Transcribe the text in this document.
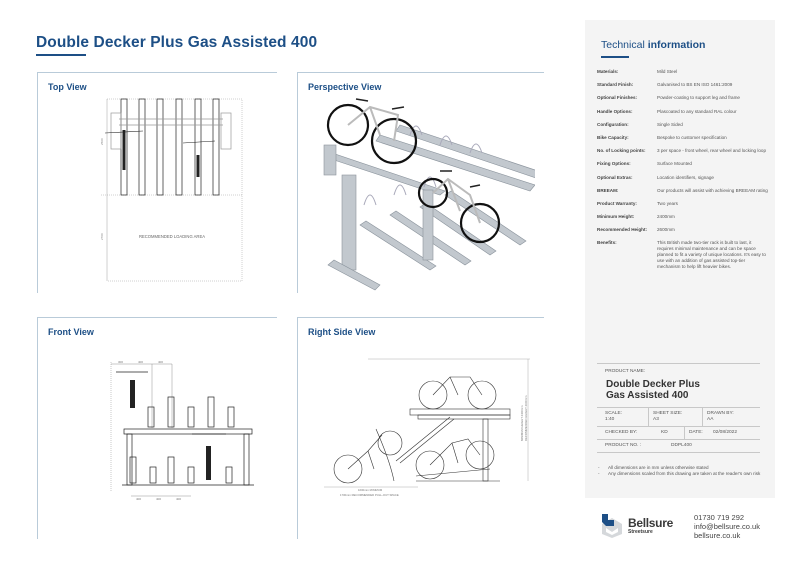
Double Decker Plus Gas Assisted 400
Top View
2500
2700	RECOMMENDED LOADING AREA
Perspective View
Front View
300	400	400
400	400	400
Right Side View
MINIMUM HEIGHT 2400mm RECOMMENDED HEIGHT 2600mm
1600mm MINIMUM
1700mm RECOMMENDED PULL-OUT SPACE
Technical information
Materials:	Mild Steel
Standard Finish:	Galvanised to BS EN ISO 1461:2009
Optional Finishes:	Powder-coating to support leg and frame
Handle Options:	Plascoated to any standard RAL colour
Configuration:	Single Sided
Bike Capacity:	Bespoke to customer specification
No. of Locking points:	3 per space - front wheel, rear wheel and locking loop
Fixing Options:	Surface Mounted
Optional Extras:	Location identifiers, signage
BREEAM:	Our products will assist with achieving BREEAM rating
Product Warranty:	Two years
Minimum Height:	2400mm
Recommended Height:	2600mm
Benefits:	This British made two-tier rack is built to last, it requires minimal maintenance and can be space planned to fit a variety of unique locations. It's easy to use with an addition of gas assisted top-tier mechanism to help lift heavier bikes.
PRODUCT NAME:
Double Decker Plus
Gas Assisted 400
SCALE:
1:40
SHEET SIZE:
A3
DRAWN BY:
AA
CHECKED BY:	KD	DATE:	02/08/2022
PRODUCT NO. :	DDPL400
-	All dimensions are in mm unless otherwise stated
-	Any dimensions scaled from this drawing are taken at the reader's own risk
Bellsure
Streetsure
01730 719 292
info@bellsure.co.uk
bellsure.co.uk
